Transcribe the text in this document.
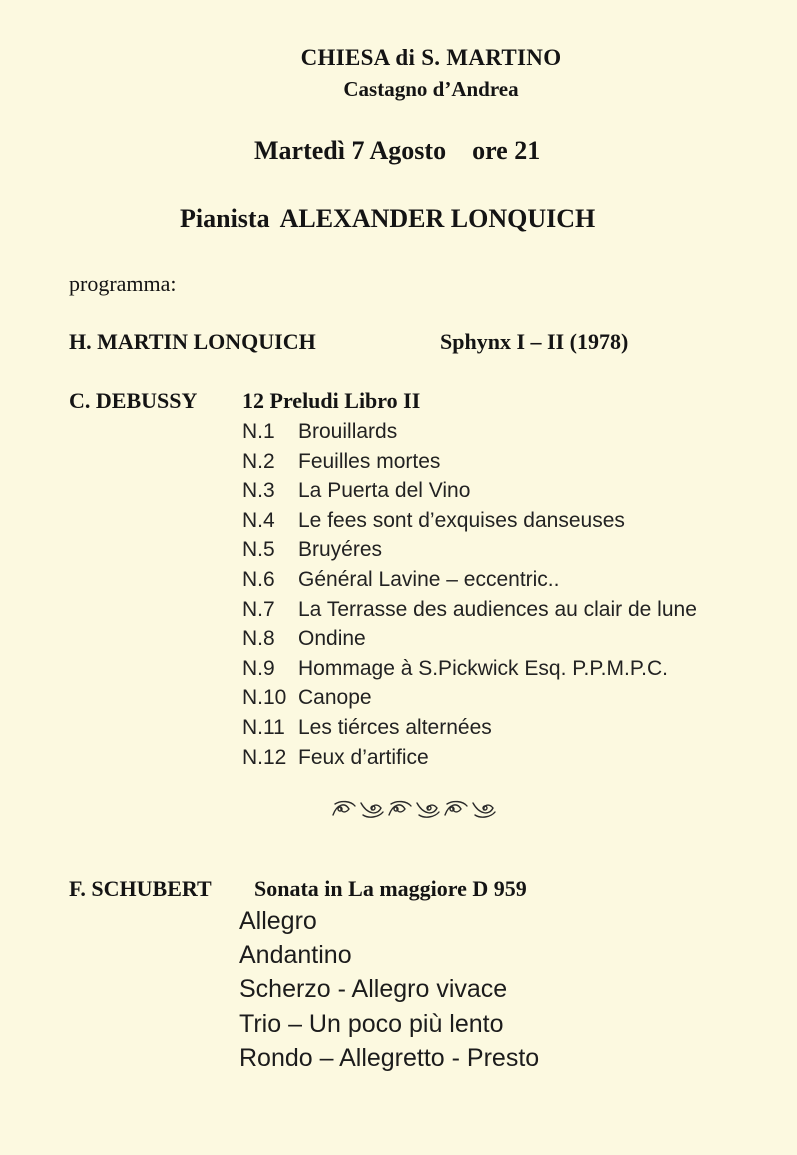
CHIESA di S. MARTINO
Castagno d’Andrea
Martedì 7 Agosto ore 21
Pianista ALEXANDER LONQUICH
programma:
H. MARTIN LONQUICH	Sphynx I – II (1978)
C. DEBUSSY 12 Preludi Libro II
N.1 Brouillards
N.2 Feuilles mortes
N.3 La Puerta del Vino
N.4 Le fees sont d’exquises danseuses
N.5 Bruyéres
N.6 Général Lavine – eccentric..
N.7 La Terrasse des audiences au clair de lune
N.8 Ondine
N.9 Hommage à S.Pickwick Esq. P.P.M.P.C.
N.10 Canope
N.11 Les tiérces alternées
N.12 Feux d’artifice
F. SCHUBERT Sonata in La maggiore D 959
Allegro
Andantino
Scherzo - Allegro vivace
Trio – Un poco più lento
Rondo – Allegretto - Presto
